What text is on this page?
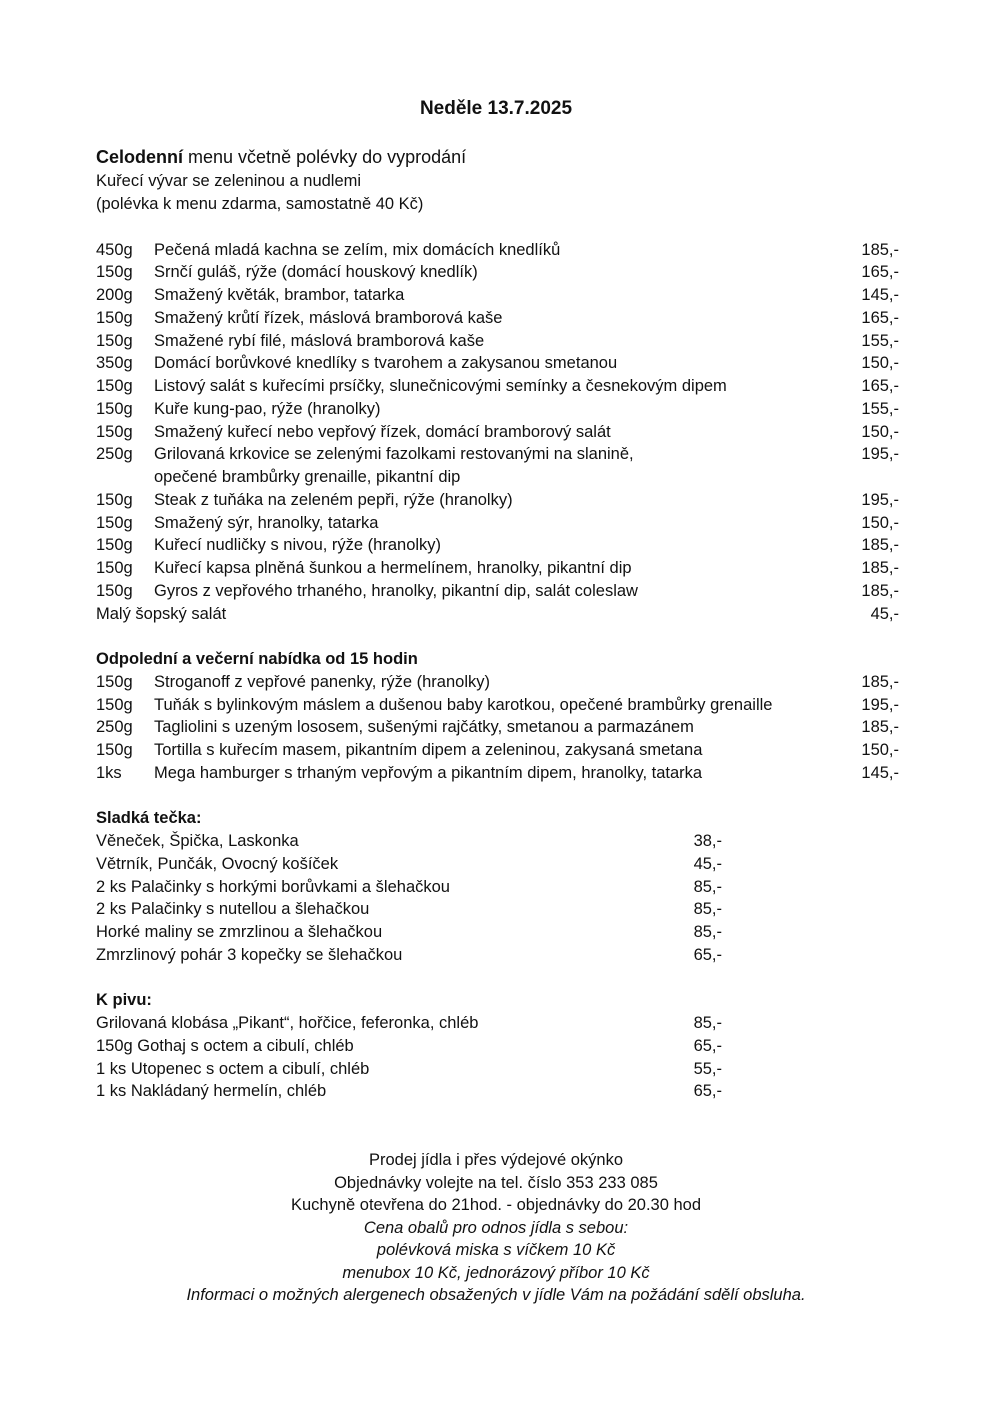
Neděle 13.7.2025
Celodenní menu včetně polévky do vyprodání
Kuřecí vývar se zeleninou a nudlemi
(polévka k menu zdarma, samostatně 40 Kč)
450g Pečená mladá kachna se zelím, mix domácích knedlíků	185,-
150g Srnčí guláš, rýže (domácí houskový knedlík)	165,-
200g Smažený květák, brambor, tatarka	145,-
150g Smažený krůtí řízek, máslová bramborová kaše	165,-
150g Smažené rybí filé, máslová bramborová kaše	155,-
350g Domácí borůvkové knedlíky s tvarohem a zakysanou smetanou	150,-
150g Listový salát s kuřecími prsíčky, slunečnicovými semínky a česnekovým dipem	165,-
150g Kuře kung-pao, rýže (hranolky)	155,-
150g Smažený kuřecí nebo vepřový řízek, domácí bramborový salát	150,-
250g Grilovaná krkovice se zelenými fazolkami restovanými na slanině,	195,-
opečené brambůrky grenaille, pikantní dip
150g Steak z tuňáka na zeleném pepři, rýže (hranolky)	195,-
150g Smažený sýr, hranolky, tatarka	150,-
150g Kuřecí nudličky s nivou, rýže (hranolky)	185,-
150g Kuřecí kapsa plněná šunkou a hermelínem, hranolky, pikantní dip	185,-
150g Gyros z vepřového trhaného, hranolky, pikantní dip, salát coleslaw	185,-
Malý šopský salát	45,-
Odpolední a večerní nabídka od 15 hodin
150g Stroganoff z vepřové panenky, rýže (hranolky)	185,-
150g Tuňák s bylinkovým máslem a dušenou baby karotkou, opečené brambůrky grenaille	195,-
250g Tagliolini s uzeným lososem, sušenými rajčátky, smetanou a parmazánem	185,-
150g Tortilla s kuřecím masem, pikantním dipem a zeleninou, zakysaná smetana	150,-
1ks Mega hamburger s trhaným vepřovým a pikantním dipem, hranolky, tatarka	145,-
Sladká tečka:
Věneček, Špička, Laskonka	38,-
Větrník, Punčák, Ovocný košíček	45,-
2 ks Palačinky s horkými borůvkami a šlehačkou	85,-
2 ks Palačinky s nutellou a šlehačkou	85,-
Horké maliny se zmrzlinou a šlehačkou	85,-
Zmrzlinový pohár 3 kopečky se šlehačkou	65,-
K pivu:
Grilovaná klobása „Pikant“, hořčice, feferonka, chléb	85,-
150g Gothaj s octem a cibulí, chléb	65,-
1 ks Utopenec s octem a cibulí, chléb	55,-
1 ks Nakládaný hermelín, chléb	65,-
Prodej jídla i přes výdejové okýnko
Objednávky volejte na tel. číslo 353 233 085
Kuchyně otevřena do 21hod. - objednávky do 20.30 hod
Cena obalů pro odnos jídla s sebou:
polévková miska s víčkem 10 Kč
menubox 10 Kč, jednorázový příbor 10 Kč
Informaci o možných alergenech obsažených v jídle Vám na požádání sdělí obsluha.
